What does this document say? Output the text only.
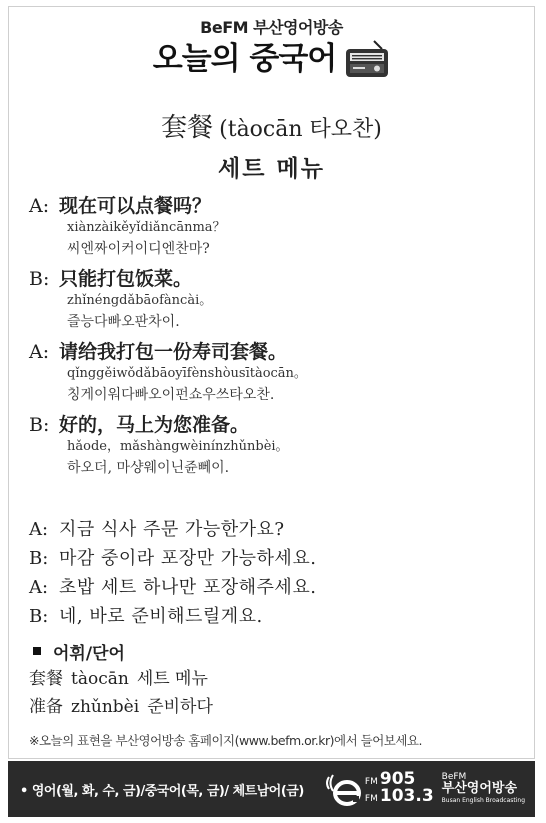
BeFM 부산영어방송
오늘의 중국어
套餐 (tàocān 타오찬)
세트 메뉴
A: 现在可以点餐吗？
xiànzàikěyǐdiǎncānma？
씨엔짜이커이디엔찬마?
B: 只能打包饭菜。
zhǐnéngdǎbāofàncài。
즐능다빠오판차이.
A: 请给我打包一份寿司套餐。
qǐnggěiwǒdǎbāoyīfènshòusītàocān。
칭게이워다빠오이펀쇼우쓰타오찬.
B: 好的，马上为您准备。
hǎode，mǎshàngwèinínzhǔnbèi。
하오더, 마샹웨이닌쥰뻬이.
A: 지금 식사 주문 가능한가요?
B: 마감 중이라 포장만 가능하세요.
A: 초밥 세트 하나만 포장해주세요.
B: 네, 바로 준비해드릴게요.
어휘/단어
套餐 tàocān 세트 메뉴
准备 zhǔnbèi 준비하다
※오늘의 표현을 부산영어방송 홈페이지(www.befm.or.kr)에서 들어보세요.
• 영어(월, 화, 수, 금)/중국어(목, 금)/ 체트남어(금)
FM 905
FM 103.3
BeFM
부산영어방송
Busan English Broadcasting
